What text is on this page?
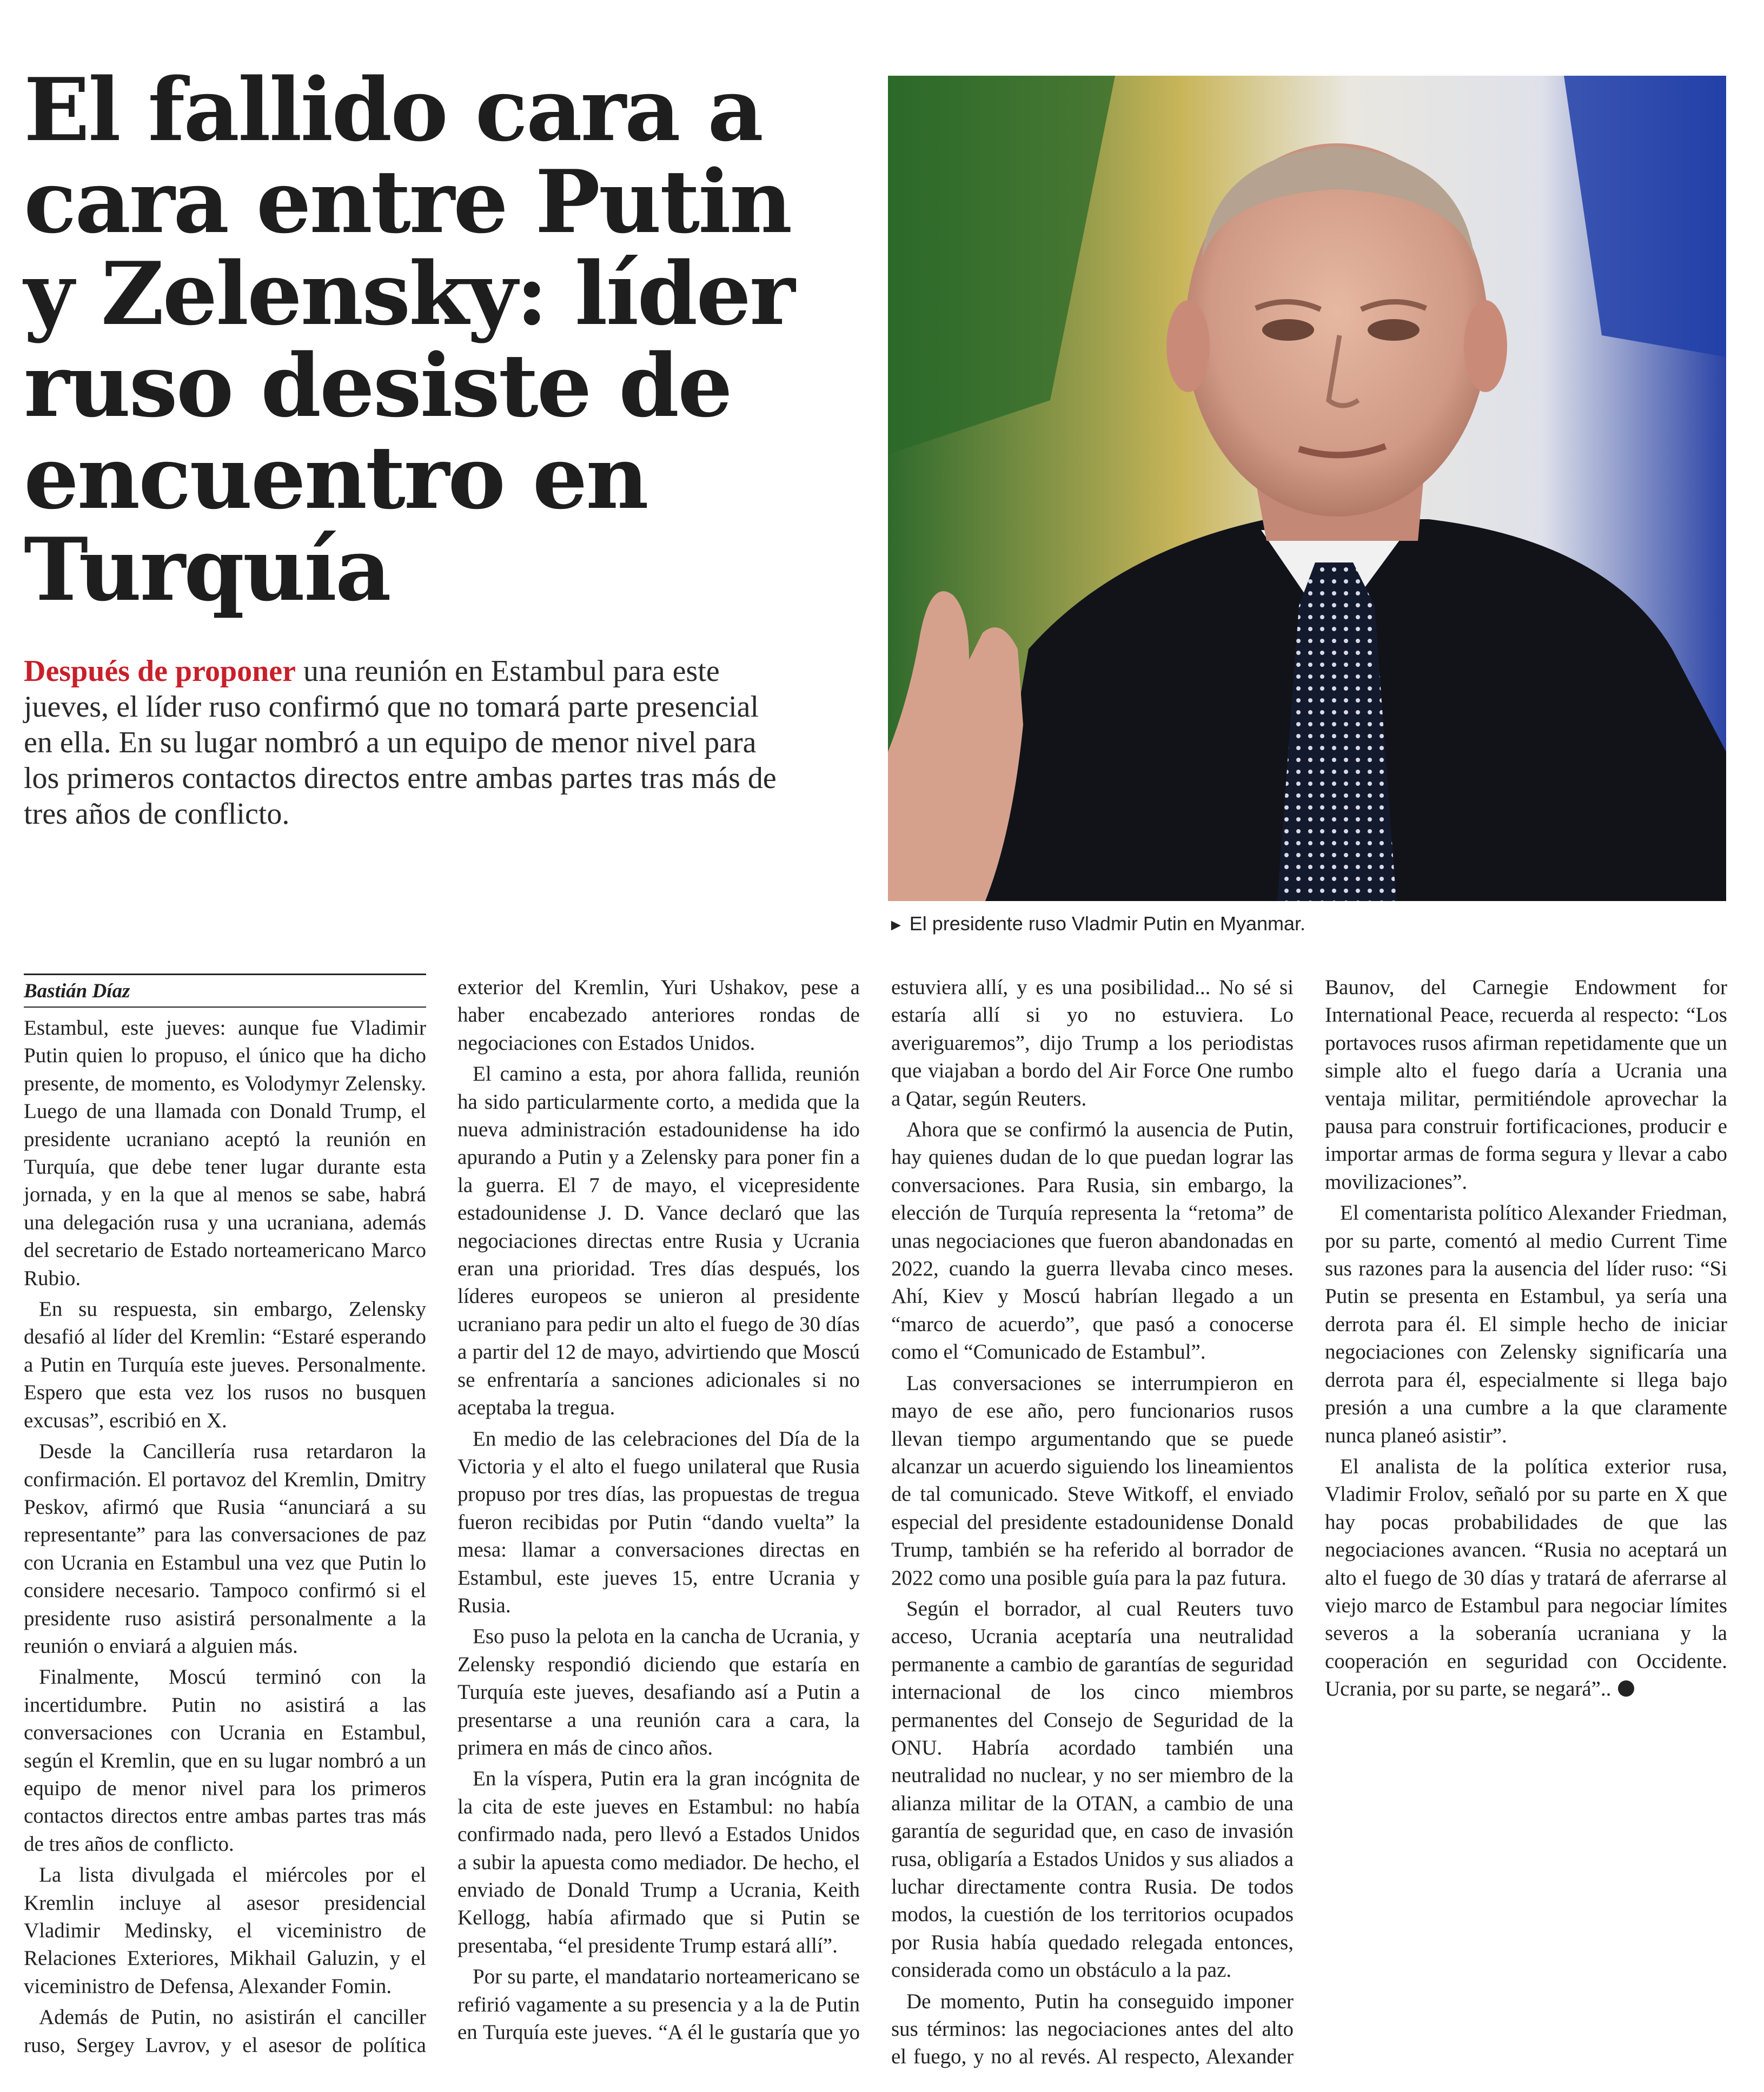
El fallido cara a cara entre Putin y Zelensky: líder ruso desiste de encuentro en Turquía

Después de proponer una reunión en Estambul para este jueves, el líder ruso confirmó que no tomará parte presencial en ella. En su lugar nombró a un equipo de menor nivel para los primeros contactos directos entre ambas partes tras más de tres años de conflicto.

► El presidente ruso Vladmir Putin en Myanmar.
Bastián Díaz

Estambul, este jueves: aunque fue Vladimir Putin quien lo propuso, el único que ha dicho presente, de momento, es Volodymyr Zelensky. Luego de una llamada con Donald Trump, el presidente ucraniano aceptó la reunión en Turquía, que debe tener lugar durante esta jornada, y en la que al menos se sabe, habrá una delegación rusa y una ucraniana, además del secretario de Estado norteamericano Marco Rubio.

En su respuesta, sin embargo, Zelensky desafió al líder del Kremlin: “Estaré esperando a Putin en Turquía este jueves. Personalmente. Espero que esta vez los rusos no busquen excusas”, escribió en X.

Desde la Cancillería rusa retardaron la confirmación. El portavoz del Kremlin, Dmitry Peskov, afirmó que Rusia “anunciará a su representante” para las conversaciones de paz con Ucrania en Estambul una vez que Putin lo considere necesario. Tampoco confirmó si el presidente ruso asistirá personalmente a la reunión o enviará a alguien más.

Finalmente, Moscú terminó con la incertidumbre. Putin no asistirá a las conversaciones con Ucrania en Estambul, según el Kremlin, que en su lugar nombró a un equipo de menor nivel para los primeros contactos directos entre ambas partes tras más de tres años de conflicto.

La lista divulgada el miércoles por el Kremlin incluye al asesor presidencial Vladimir Medinsky, el viceministro de Relaciones Exteriores, Mikhail Galuzin, y el viceministro de Defensa, Alexander Fomin.

Además de Putin, no asistirán el canciller ruso, Sergey Lavrov, y el asesor de política exterior del Kremlin, Yuri Ushakov, pese a haber encabezado anteriores rondas de negociaciones con Estados Unidos.

El camino a esta, por ahora fallida, reunión ha sido particularmente corto, a medida que la nueva administración estadounidense ha ido apurando a Putin y a Zelensky para poner fin a la guerra. El 7 de mayo, el vicepresidente estadounidense J. D. Vance declaró que las negociaciones directas entre Rusia y Ucrania eran una prioridad. Tres días después, los líderes europeos se unieron al presidente ucraniano para pedir un alto el fuego de 30 días a partir del 12 de mayo, advirtiendo que Moscú se enfrentaría a sanciones adicionales si no aceptaba la tregua.

En medio de las celebraciones del Día de la Victoria y el alto el fuego unilateral que Rusia propuso por tres días, las propuestas de tregua fueron recibidas por Putin “dando vuelta” la mesa: llamar a conversaciones directas en Estambul, este jueves 15, entre Ucrania y Rusia.

Eso puso la pelota en la cancha de Ucrania, y Zelensky respondió diciendo que estaría en Turquía este jueves, desafiando así a Putin a presentarse a una reunión cara a cara, la primera en más de cinco años.

En la víspera, Putin era la gran incógnita de la cita de este jueves en Estambul: no había confirmado nada, pero llevó a Estados Unidos a subir la apuesta como mediador. De hecho, el enviado de Donald Trump a Ucrania, Keith Kellogg, había afirmado que si Putin se presentaba, “el presidente Trump estará allí”.

Por su parte, el mandatario norteamericano se refirió vagamente a su presencia y a la de Putin en Turquía este jueves. “A él le gustaría que yo estuviera allí, y es una posibilidad... No sé si estaría allí si yo no estuviera. Lo averiguaremos”, dijo Trump a los periodistas que viajaban a bordo del Air Force One rumbo a Qatar, según Reuters.

Ahora que se confirmó la ausencia de Putin, hay quienes dudan de lo que puedan lograr las conversaciones. Para Rusia, sin embargo, la elección de Turquía representa la “retoma” de unas negociaciones que fueron abandonadas en 2022, cuando la guerra llevaba cinco meses. Ahí, Kiev y Moscú habrían llegado a un “marco de acuerdo”, que pasó a conocerse como el “Comunicado de Estambul”.

Las conversaciones se interrumpieron en mayo de ese año, pero funcionarios rusos llevan tiempo argumentando que se puede alcanzar un acuerdo siguiendo los lineamientos de tal comunicado. Steve Witkoff, el enviado especial del presidente estadounidense Donald Trump, también se ha referido al borrador de 2022 como una posible guía para la paz futura.

Según el borrador, al cual Reuters tuvo acceso, Ucrania aceptaría una neutralidad permanente a cambio de garantías de seguridad internacional de los cinco miembros permanentes del Consejo de Seguridad de la ONU. Habría acordado también una neutralidad no nuclear, y no ser miembro de la alianza militar de la OTAN, a cambio de una garantía de seguridad que, en caso de invasión rusa, obligaría a Estados Unidos y sus aliados a luchar directamente contra Rusia. De todos modos, la cuestión de los territorios ocupados por Rusia había quedado relegada entonces, considerada como un obstáculo a la paz.

De momento, Putin ha conseguido imponer sus términos: las negociaciones antes del alto el fuego, y no al revés. Al respecto, Alexander Baunov, del Carnegie Endowment for International Peace, recuerda al respecto: “Los portavoces rusos afirman repetidamente que un simple alto el fuego daría a Ucrania una ventaja militar, permitiéndole aprovechar la pausa para construir fortificaciones, producir e importar armas de forma segura y llevar a cabo movilizaciones”.

El comentarista político Alexander Friedman, por su parte, comentó al medio Current Time sus razones para la ausencia del líder ruso: “Si Putin se presenta en Estambul, ya sería una derrota para él. El simple hecho de iniciar negociaciones con Zelensky significaría una derrota para él, especialmente si llega bajo presión a una cumbre a la que claramente nunca planeó asistir”.

El analista de la política exterior rusa, Vladimir Frolov, señaló por su parte en X que hay pocas probabilidades de que las negociaciones avancen. “Rusia no aceptará un alto el fuego de 30 días y tratará de aferrarse al viejo marco de Estambul para negociar límites severos a la soberanía ucraniana y la cooperación en seguridad con Occidente. Ucrania, por su parte, se negará”..
